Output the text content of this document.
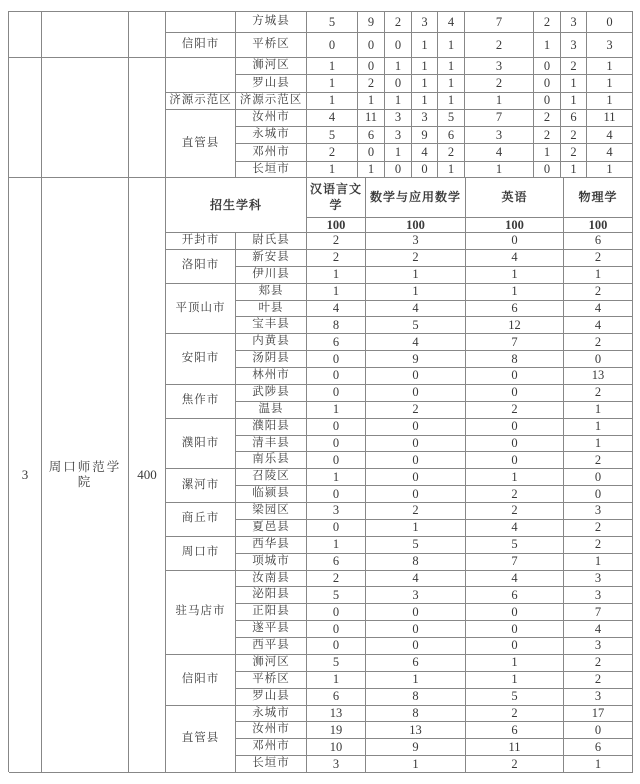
方城县	5	9	2	3	4	7	2	3	0
信阳市	平桥区	0	0	0	1	1	2	1	3	3
浉河区	1	0	1	1	1	3	0	2	1
罗山县	1	2	0	1	1	2	0	1	1
济源示范区 济源示范区	1	1	1	1	1	1	0	1	1
直管县
汝州市	4	11	3	3	5	7	2	6	11
永城市	5	6	3	9	6	3	2	2	4
邓州市	2	0	1	4	2	4	1	2	4
长垣市	1	1	0	0	1	1	0	1	1
3
周口师范学院	400
招生学科
汉语言文学
数学与应用数学	英语	物理学
100	100	100	100
开封市	尉氏县	2	3	0	6
洛阳市
新安县	2	2	4	2
伊川县	1	1	1	1
平顶山市
郏县	1	1	1	2
叶县	4	4	6	4
宝丰县	8	5	12	4
安阳市
内黄县	6	4	7	2
汤阴县	0	9	8	0
林州市	0	0	0	13
焦作市
武陟县	0	0	0	2
温县	1	2	2	1
濮阳市
濮阳县	0	0	0	1
清丰县	0	0	0	1
南乐县	0	0	0	2
漯河市
召陵区	1	0	1	0
临颍县	0	0	2	0
商丘市
梁园区	3	2	2	3
夏邑县	0	1	4	2
周口市
西华县	1	5	5	2
项城市	6	8	7	1
驻马店市
汝南县	2	4	4	3
泌阳县	5	3	6	3
正阳县	0	0	0	7
遂平县	0	0	0	4
西平县	0	0	0	3
信阳市
浉河区	5	6	1	2
平桥区	1	1	1	2
罗山县	6	8	5	3
直管县
永城市	13	8	2	17
汝州市	19	13	6	0
邓州市	10	9	11	6
长垣市	3	1	2	1
